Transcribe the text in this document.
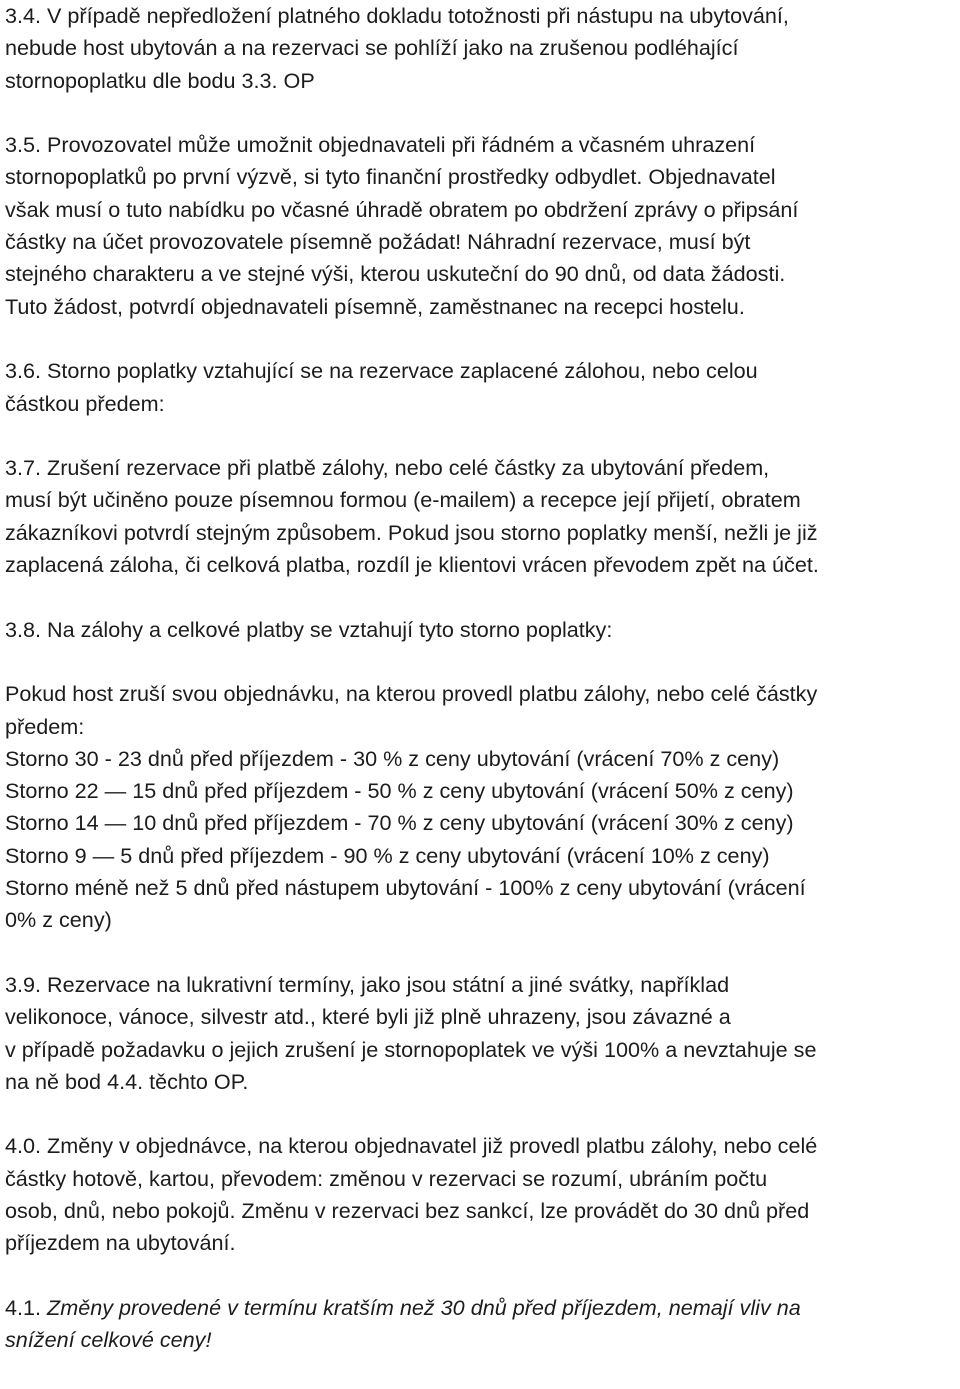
3.4. V případě nepředložení platného dokladu totožnosti při nástupu na ubytování,
nebude host ubytován a na rezervaci se pohlíží jako na zrušenou podléhající
stornopoplatku dle bodu 3.3. OP
3.5. Provozovatel může umožnit objednavateli při řádném a včasném uhrazení
stornopoplatků po první výzvě, si tyto finanční prostředky odbydlet. Objednavatel
však musí o tuto nabídku po včasné úhradě obratem po obdržení zprávy o připsání
částky na účet provozovatele písemně požádat! Náhradní rezervace, musí být
stejného charakteru a ve stejné výši, kterou uskuteční do 90 dnů, od data žádosti.
Tuto žádost, potvrdí objednavateli písemně, zaměstnanec na recepci hostelu.
3.6. Storno poplatky vztahující se na rezervace zaplacené zálohou, nebo celou
částkou předem:
3.7. Zrušení rezervace při platbě zálohy, nebo celé částky za ubytování předem,
musí být učiněno pouze písemnou formou (e-mailem) a recepce její přijetí, obratem
zákazníkovi potvrdí stejným způsobem. Pokud jsou storno poplatky menší, nežli je již
zaplacená záloha, či celková platba, rozdíl je klientovi vrácen převodem zpět na účet.
3.8. Na zálohy a celkové platby se vztahují tyto storno poplatky:
Pokud host zruší svou objednávku, na kterou provedl platbu zálohy, nebo celé částky
předem:
Storno 30 - 23 dnů před příjezdem - 30 % z ceny ubytování (vrácení 70% z ceny)
Storno 22 — 15 dnů před příjezdem - 50 % z ceny ubytování (vrácení 50% z ceny)
Storno 14 — 10 dnů před příjezdem - 70 % z ceny ubytování (vrácení 30% z ceny)
Storno 9 — 5 dnů před příjezdem - 90 % z ceny ubytování (vrácení 10% z ceny)
Storno méně než 5 dnů před nástupem ubytování - 100% z ceny ubytování (vrácení
0% z ceny)
3.9. Rezervace na lukrativní termíny, jako jsou státní a jiné svátky, například
velikonoce, vánoce, silvestr atd., které byli již plně uhrazeny, jsou závazné a
v případě požadavku o jejich zrušení je stornopoplatek ve výši 100% a nevztahuje se
na ně bod 4.4. těchto OP.
4.0. Změny v objednávce, na kterou objednavatel již provedl platbu zálohy, nebo celé
částky hotově, kartou, převodem: změnou v rezervaci se rozumí, ubráním počtu
osob, dnů, nebo pokojů. Změnu v rezervaci bez sankcí, lze provádět do 30 dnů před
příjezdem na ubytování.
4.1. Změny provedené v termínu kratším než 30 dnů před příjezdem, nemají vliv na
snížení celkové ceny!
